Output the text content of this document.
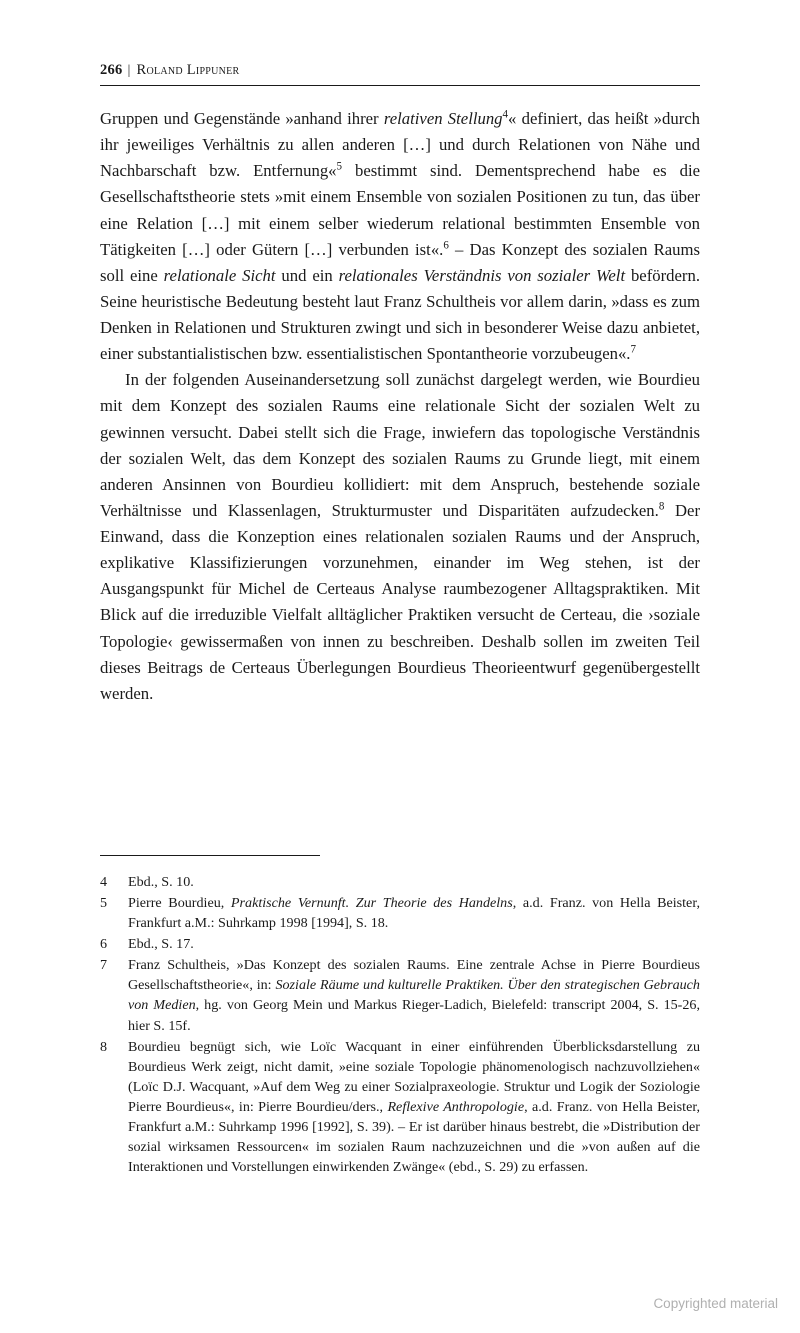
266 | Roland Lippuner

Gruppen und Gegenstände »anhand ihrer relativen Stellung$^4$« definiert, das heißt »durch ihr jeweiliges Verhältnis zu allen anderen […] und durch Relationen von Nähe und Nachbarschaft bzw. Entfernung«$^5$ bestimmt sind. Dementsprechend habe es die Gesellschaftstheorie stets »mit einem Ensemble von sozialen Positionen zu tun, das über eine Relation […] mit einem selber wiederum relational bestimmten Ensemble von Tätigkeiten […] oder Gütern […] verbunden ist«.$^6$ – Das Konzept des sozialen Raums soll eine relationale Sicht und ein relationales Verständnis von sozialer Welt befördern. Seine heuristische Bedeutung besteht laut Franz Schultheis vor allem darin, »dass es zum Denken in Relationen und Strukturen zwingt und sich in besonderer Weise dazu anbietet, einer substantialistischen bzw. essentialistischen Spontantheorie vorzubeugen«.$^7$

In der folgenden Auseinandersetzung soll zunächst dargelegt werden, wie Bourdieu mit dem Konzept des sozialen Raums eine relationale Sicht der sozialen Welt zu gewinnen versucht. Dabei stellt sich die Frage, inwiefern das topologische Verständnis der sozialen Welt, das dem Konzept des sozialen Raums zu Grunde liegt, mit einem anderen Ansinnen von Bourdieu kollidiert: mit dem Anspruch, bestehende soziale Verhältnisse und Klassenlagen, Strukturmuster und Disparitäten aufzudecken.$^8$ Der Einwand, dass die Konzeption eines relationalen sozialen Raums und der Anspruch, explikative Klassifizierungen vorzunehmen, einander im Weg stehen, ist der Ausgangspunkt für Michel de Certeaus Analyse raumbezogener Alltagspraktiken. Mit Blick auf die irreduzible Vielfalt alltäglicher Praktiken versucht de Certeau, die ›soziale Topologie‹ gewissermaßen von innen zu beschreiben. Deshalb sollen im zweiten Teil dieses Beitrags de Certeaus Überlegungen Bourdieus Theorieentwurf gegenübergestellt werden.

4	Ebd., S. 10.
5	Pierre Bourdieu, Praktische Vernunft. Zur Theorie des Handelns, a.d. Franz. von Hella Beister, Frankfurt a.M.: Suhrkamp 1998 [1994], S. 18.
6	Ebd., S. 17.
7	Franz Schultheis, »Das Konzept des sozialen Raums. Eine zentrale Achse in Pierre Bourdieus Gesellschaftstheorie«, in: Soziale Räume und kulturelle Praktiken. Über den strategischen Gebrauch von Medien, hg. von Georg Mein und Markus Rieger-Ladich, Bielefeld: transcript 2004, S. 15-26, hier S. 15f.
8	Bourdieu begnügt sich, wie Loïc Wacquant in einer einführenden Überblicksdarstellung zu Bourdieus Werk zeigt, nicht damit, »eine soziale Topologie phänomenologisch nachzuvollziehen« (Loïc D.J. Wacquant, »Auf dem Weg zu einer Sozialpraxeologie. Struktur und Logik der Soziologie Pierre Bourdieus«, in: Pierre Bourdieu/ders., Reflexive Anthropologie, a.d. Franz. von Hella Beister, Frankfurt a.M.: Suhrkamp 1996 [1992], S. 39). – Er ist darüber hinaus bestrebt, die »Distribution der sozial wirksamen Ressourcen« im sozialen Raum nachzuzeichnen und die »von außen auf die Interaktionen und Vorstellungen einwirkenden Zwänge« (ebd., S. 29) zu erfassen.
Copyrighted material
